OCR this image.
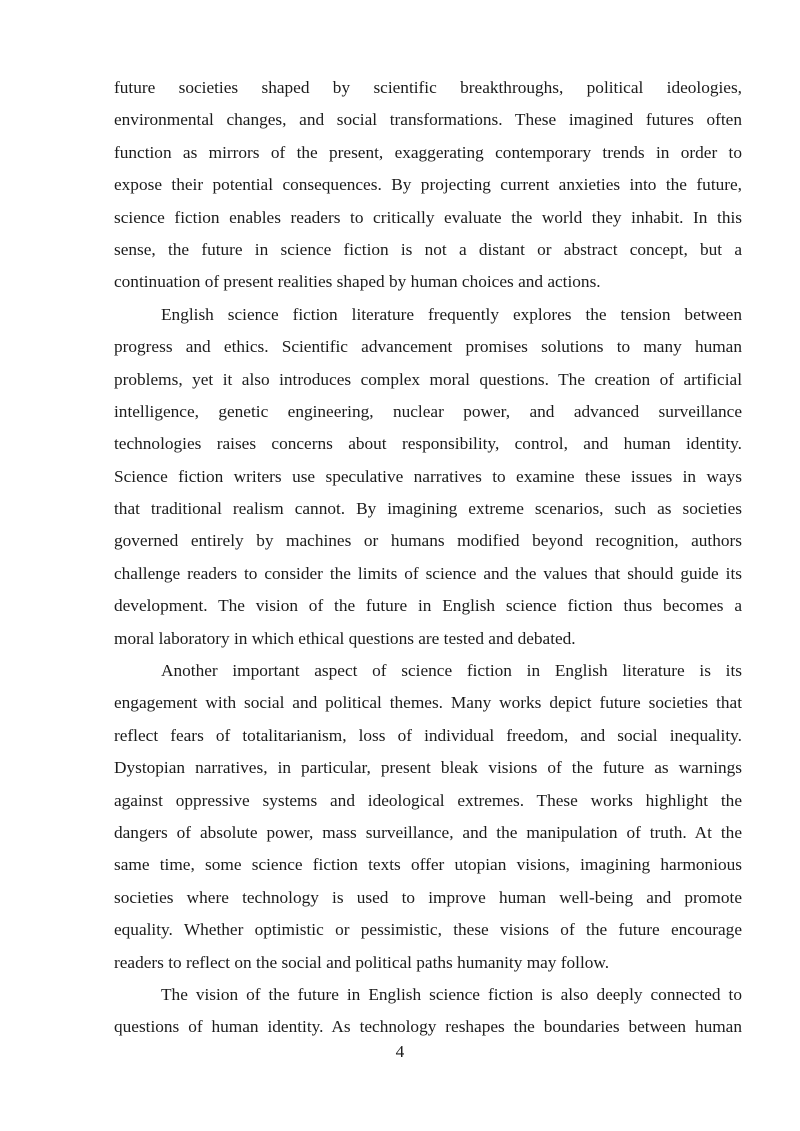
future societies shaped by scientific breakthroughs, political ideologies,
environmental changes, and social transformations. These imagined futures often
function as mirrors of the present, exaggerating contemporary trends in order to
expose their potential consequences. By projecting current anxieties into the future,
science fiction enables readers to critically evaluate the world they inhabit. In this
sense, the future in science fiction is not a distant or abstract concept, but a
continuation of present realities shaped by human choices and actions.
English science fiction literature frequently explores the tension between
progress and ethics. Scientific advancement promises solutions to many human
problems, yet it also introduces complex moral questions. The creation of artificial
intelligence, genetic engineering, nuclear power, and advanced surveillance
technologies raises concerns about responsibility, control, and human identity.
Science fiction writers use speculative narratives to examine these issues in ways
that traditional realism cannot. By imagining extreme scenarios, such as societies
governed entirely by machines or humans modified beyond recognition, authors
challenge readers to consider the limits of science and the values that should guide its
development. The vision of the future in English science fiction thus becomes a
moral laboratory in which ethical questions are tested and debated.
Another important aspect of science fiction in English literature is its
engagement with social and political themes. Many works depict future societies that
reflect fears of totalitarianism, loss of individual freedom, and social inequality.
Dystopian narratives, in particular, present bleak visions of the future as warnings
against oppressive systems and ideological extremes. These works highlight the
dangers of absolute power, mass surveillance, and the manipulation of truth. At the
same time, some science fiction texts offer utopian visions, imagining harmonious
societies where technology is used to improve human well-being and promote
equality. Whether optimistic or pessimistic, these visions of the future encourage
readers to reflect on the social and political paths humanity may follow.
The vision of the future in English science fiction is also deeply connected to
questions of human identity. As technology reshapes the boundaries between human
4
